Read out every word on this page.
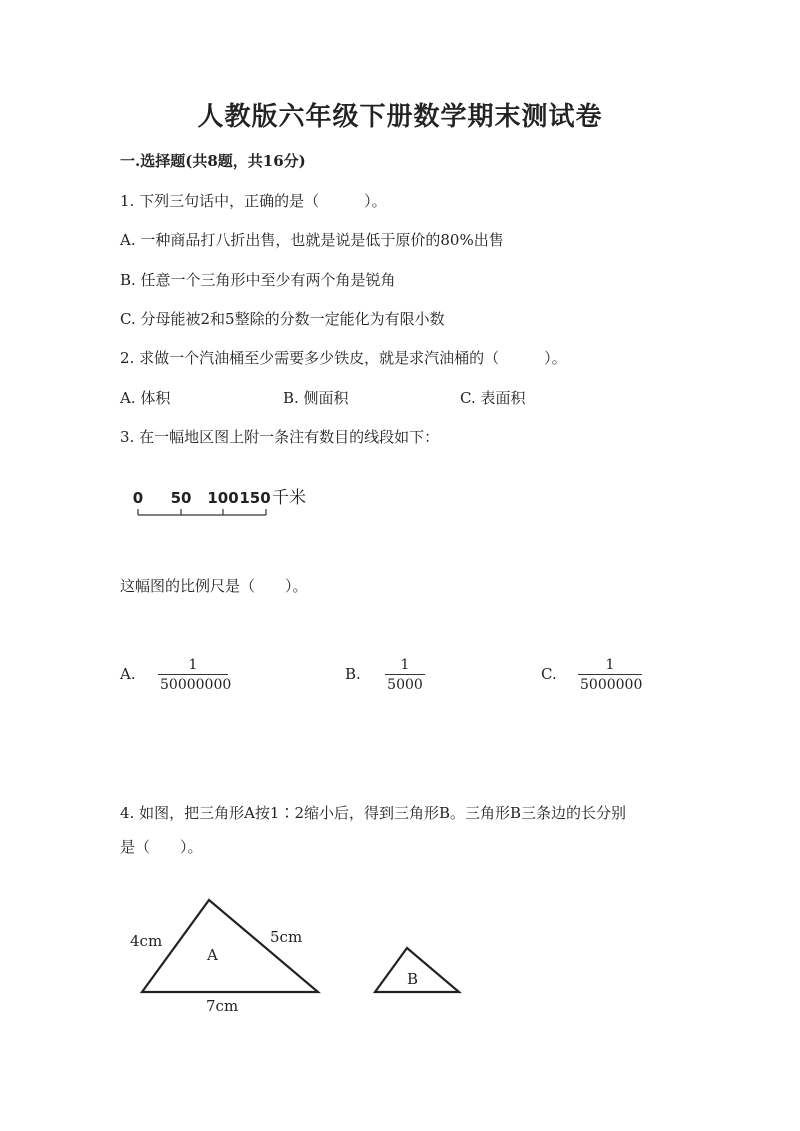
人教版六年级下册数学期末测试卷
一.选择题(共8题，共16分)
1. 下列三句话中，正确的是（　　　）。
A. 一种商品打八折出售，也就是说是低于原价的80%出售
B. 任意一个三角形中至少有两个角是锐角
C. 分母能被2和5整除的分数一定能化为有限小数
2. 求做一个汽油桶至少需要多少铁皮，就是求汽油桶的（　　　）。
A. 体积	B. 侧面积	C. 表面积
3. 在一幅地区图上附一条注有数目的线段如下：
0 50 100 150 千米
这幅图的比例尺是（　　）。
A. $\frac{1}{50000000}$	B. $\frac{1}{5000}$	C. $\frac{1}{5000000}$
4. 如图，把三角形A按1∶2缩小后，得到三角形B。三角形B三条边的长分别
是（　　）。
4cm	5cm
7cm
A
B
